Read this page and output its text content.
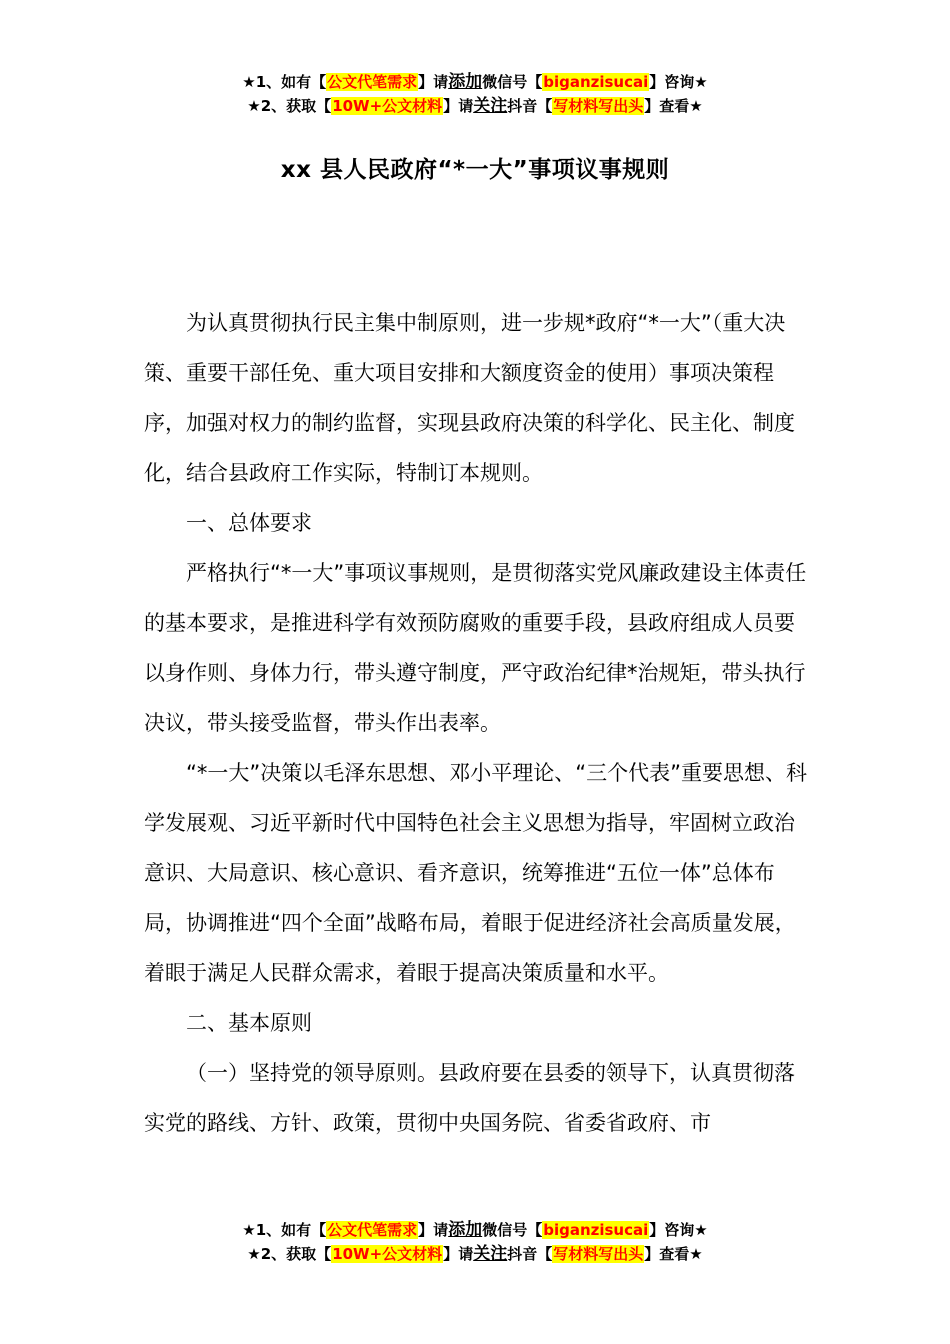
★1、如有【公文代笔需求】请添加微信号【biganzisucai】咨询★
★2、获取【10W+公文材料】请关注抖音【写材料写出头】查看★
xx 县人民政府“*一大”事项议事规则

为认真贯彻执行民主集中制原则，进一步规*政府“*一大”（重大决策、重要干部任免、重大项目安排和大额度资金的使用）事项决策程序，加强对权力的制约监督，实现县政府决策的科学化、民主化、制度化，结合县政府工作实际，特制订本规则。

一、总体要求

严格执行“*一大”事项议事规则，是贯彻落实党风廉政建设主体责任的基本要求，是推进科学有效预防腐败的重要手段，县政府组成人员要以身作则、身体力行，带头遵守制度，严守政治纪律*治规矩，带头执行决议，带头接受监督，带头作出表率。

“*一大”决策以毛泽东思想、邓小平理论、“三个代表”重要思想、科学发展观、习近平新时代中国特色社会主义思想为指导，牢固树立政治意识、大局意识、核心意识、看齐意识，统筹推进“五位一体”总体布局，协调推进“四个全面”战略布局，着眼于促进经济社会高质量发展，着眼于满足人民群众需求，着眼于提高决策质量和水平。

二、基本原则

（一）坚持党的领导原则。县政府要在县委的领导下，认真贯彻落实党的路线、方针、政策，贯彻中央国务院、省委省政府、市

★1、如有【公文代笔需求】请添加微信号【biganzisucai】咨询★
★2、获取【10W+公文材料】请关注抖音【写材料写出头】查看★
